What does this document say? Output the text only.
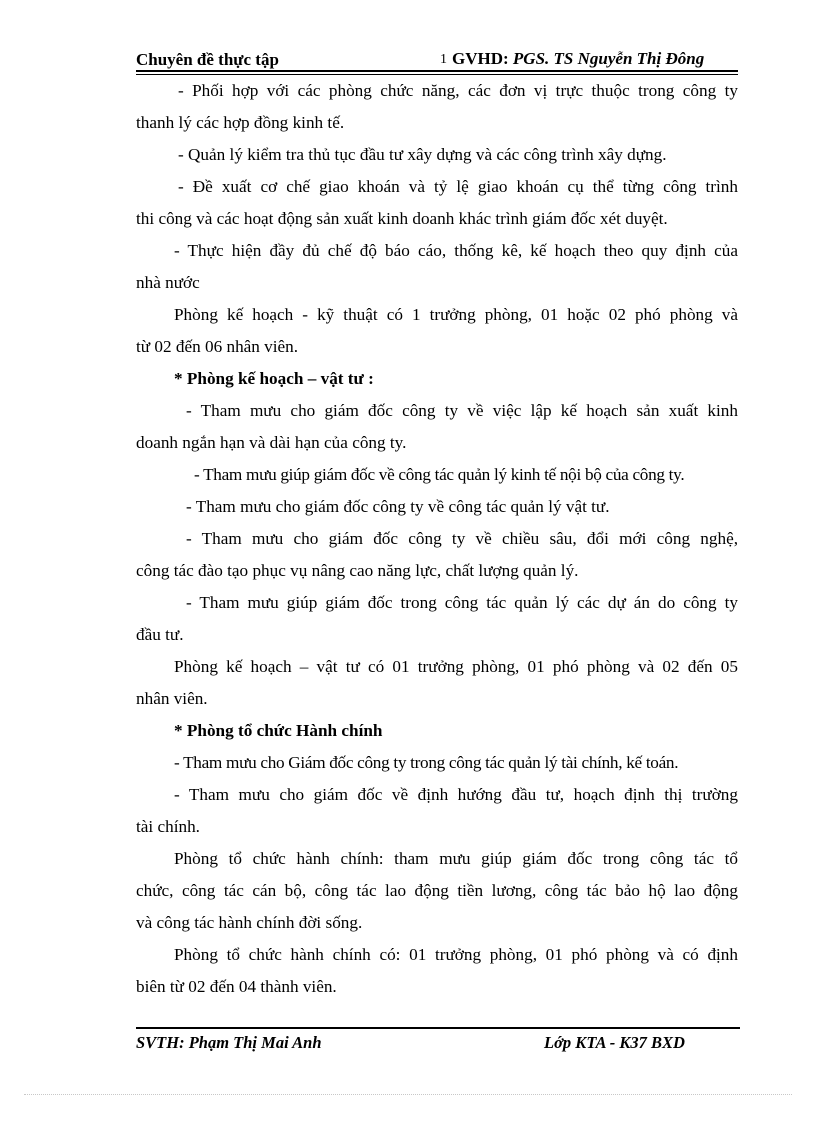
Chuyên đề thực tập	1 GVHD: PGS. TS Nguyễn Thị Đông
- Phối hợp với các phòng chức năng, các đơn vị trực thuộc trong công ty
thanh lý các hợp đồng kinh tế.
- Quản lý kiểm tra thủ tục đầu tư xây dựng và các công trình xây dựng.
- Đề xuất cơ chế giao khoán và tỷ lệ giao khoán cụ thể từng công trình
thi công và các hoạt động sản xuất kinh doanh khác trình giám đốc xét duyệt.
- Thực hiện đầy đủ chế độ báo cáo, thống kê, kế hoạch theo quy định của
nhà nước
Phòng kế hoạch - kỹ thuật có 1 trưởng phòng, 01 hoặc 02 phó phòng và
từ 02 đến 06 nhân viên.
* Phòng kế hoạch – vật tư :
- Tham mưu cho giám đốc công ty về việc lập kế hoạch sản xuất kinh
doanh ngắn hạn và dài hạn của công ty.
- Tham mưu giúp giám đốc về công tác quản lý kinh tế nội bộ của công ty.
- Tham mưu cho giám đốc công ty về công tác quản lý vật tư.
- Tham mưu cho giám đốc công ty về chiều sâu, đổi mới công nghệ,
công tác đào tạo phục vụ nâng cao năng lực, chất lượng quản lý.
- Tham mưu giúp giám đốc trong công tác quản lý các dự án do công ty
đầu tư.
Phòng kế hoạch – vật tư có 01 trưởng phòng, 01 phó phòng và 02 đến 05
nhân viên.
* Phòng tổ chức Hành chính
- Tham mưu cho Giám đốc công ty trong công tác quản lý tài chính, kế toán.
- Tham mưu cho giám đốc về định hướng đầu tư, hoạch định thị trường
tài chính.
Phòng tổ chức hành chính: tham mưu giúp giám đốc trong công tác tổ
chức, công tác cán bộ, công tác lao động tiền lương, công tác bảo hộ lao động
và công tác hành chính đời sống.
Phòng tổ chức hành chính có: 01 trưởng phòng, 01 phó phòng và có định
biên từ 02 đến 04 thành viên.
SVTH: Phạm Thị Mai Anh	Lớp KTA - K37 BXD
